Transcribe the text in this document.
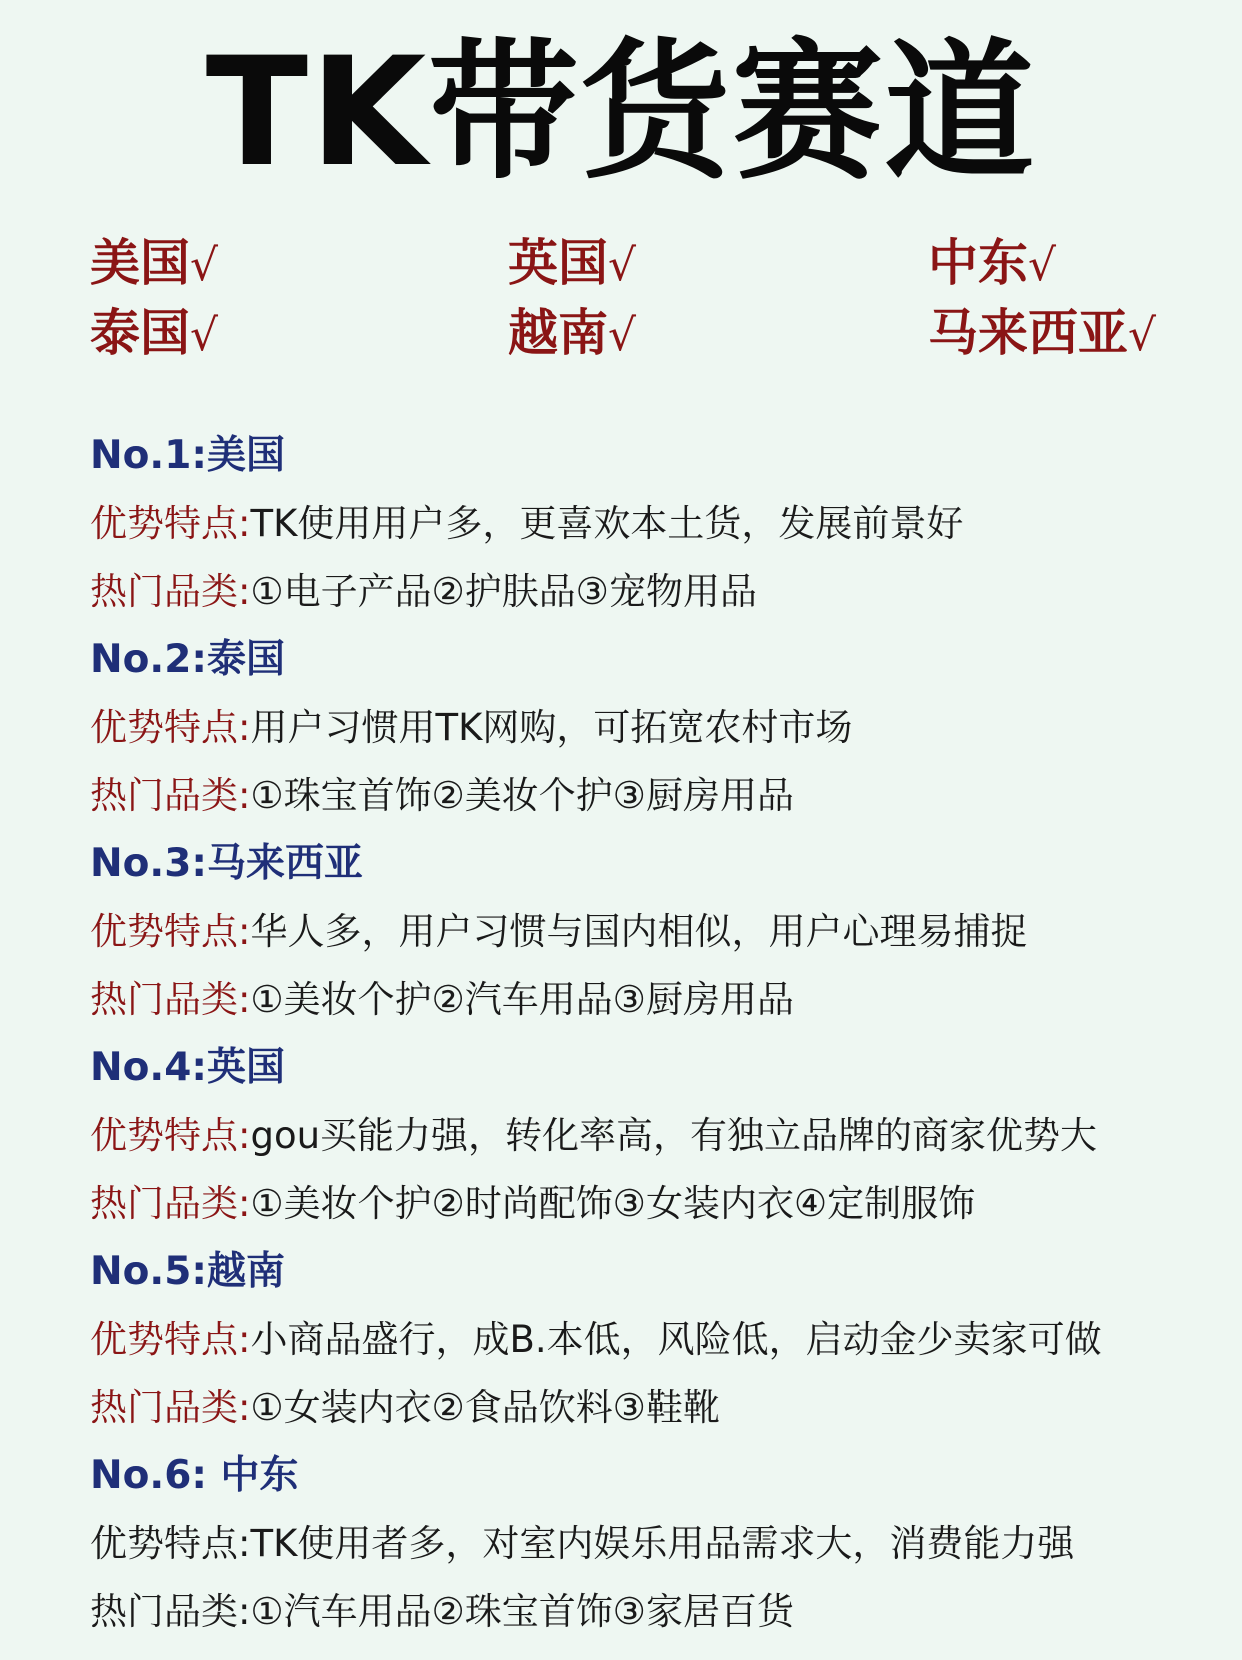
TK带货赛道
美国√	英国√	中东√
泰国√	越南√	马来西亚√
No.1:美国
优势特点:TK使用用户多，更喜欢本土货，发展前景好
热门品类:①电子产品②护肤品③宠物用品
No.2:泰国
优势特点:用户习惯用TK网购，可拓宽农村市场
热门品类:①珠宝首饰②美妆个护③厨房用品
No.3:马来西亚
优势特点:华人多，用户习惯与国内相似，用户心理易捕捉
热门品类:①美妆个护②汽车用品③厨房用品
No.4:英国
优势特点:gou买能力强，转化率高，有独立品牌的商家优势大
热门品类:①美妆个护②时尚配饰③女装内衣④定制服饰
No.5:越南
优势特点:小商品盛行，成B.本低，风险低，启动金少卖家可做
热门品类:①女装内衣②食品饮料③鞋靴
No.6: 中东
优势特点:TK使用者多，对室内娱乐用品需求大，消费能力强
热门品类:①汽车用品②珠宝首饰③家居百货
